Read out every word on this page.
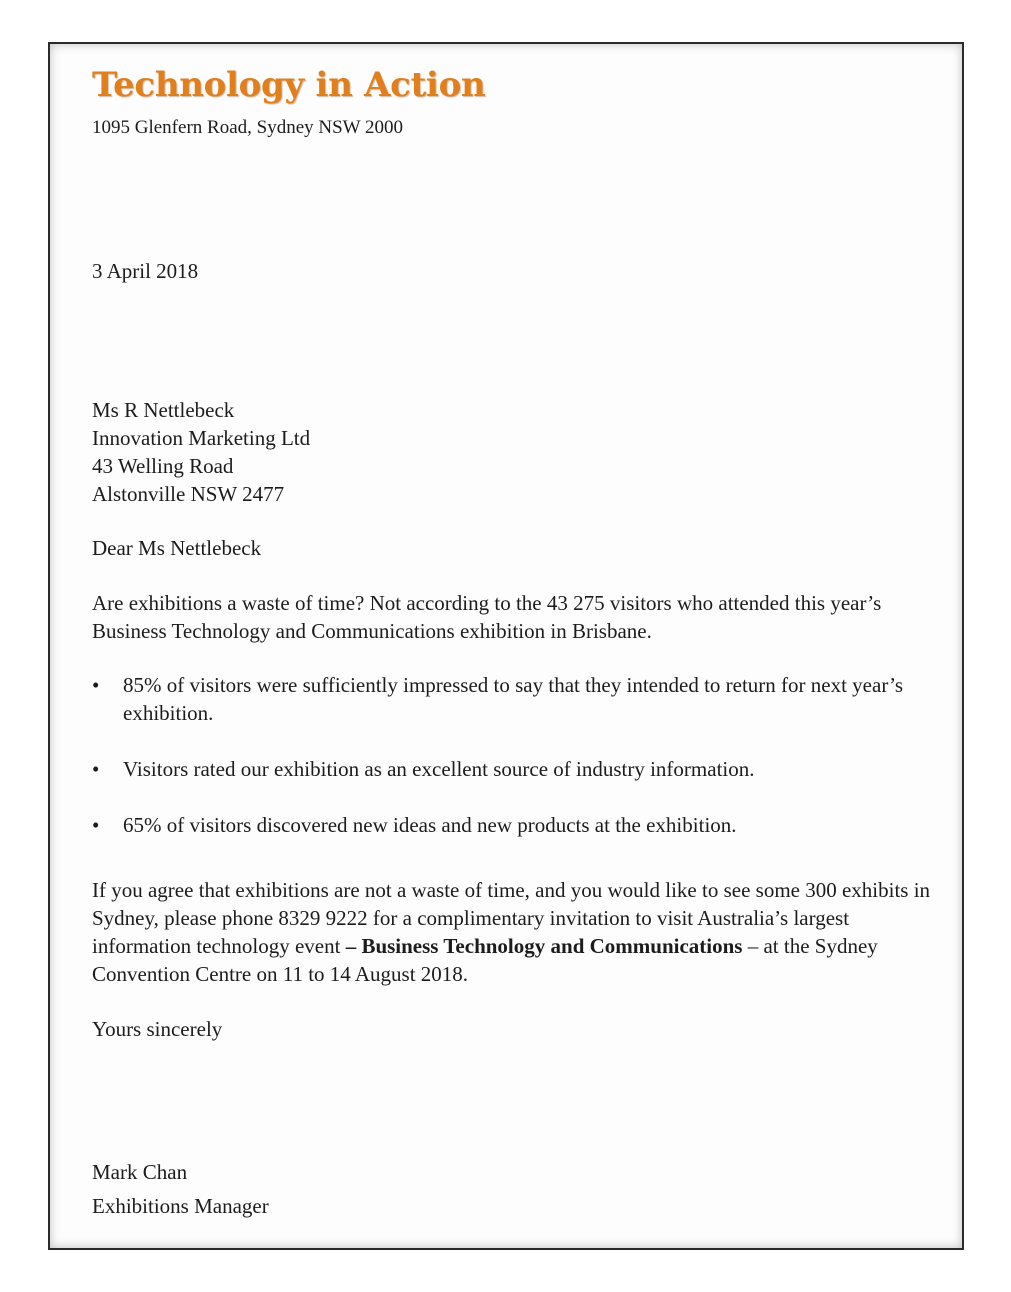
Technology in Action
1095 Glenfern Road, Sydney NSW 2000

3 April 2018

Ms R Nettlebeck
Innovation Marketing Ltd
43 Welling Road
Alstonville NSW 2477

Dear Ms Nettlebeck

Are exhibitions a waste of time? Not according to the 43 275 visitors who attended this year’s Business Technology and Communications exhibition in Brisbane.

• 85% of visitors were sufficiently impressed to say that they intended to return for next year’s exhibition.
• Visitors rated our exhibition as an excellent source of industry information.
• 65% of visitors discovered new ideas and new products at the exhibition.

If you agree that exhibitions are not a waste of time, and you would like to see some 300 exhibits in Sydney, please phone 8329 9222 for a complimentary invitation to visit Australia’s largest information technology event – Business Technology and Communications – at the Sydney Convention Centre on 11 to 14 August 2018.

Yours sincerely

Mark Chan

Exhibitions Manager
